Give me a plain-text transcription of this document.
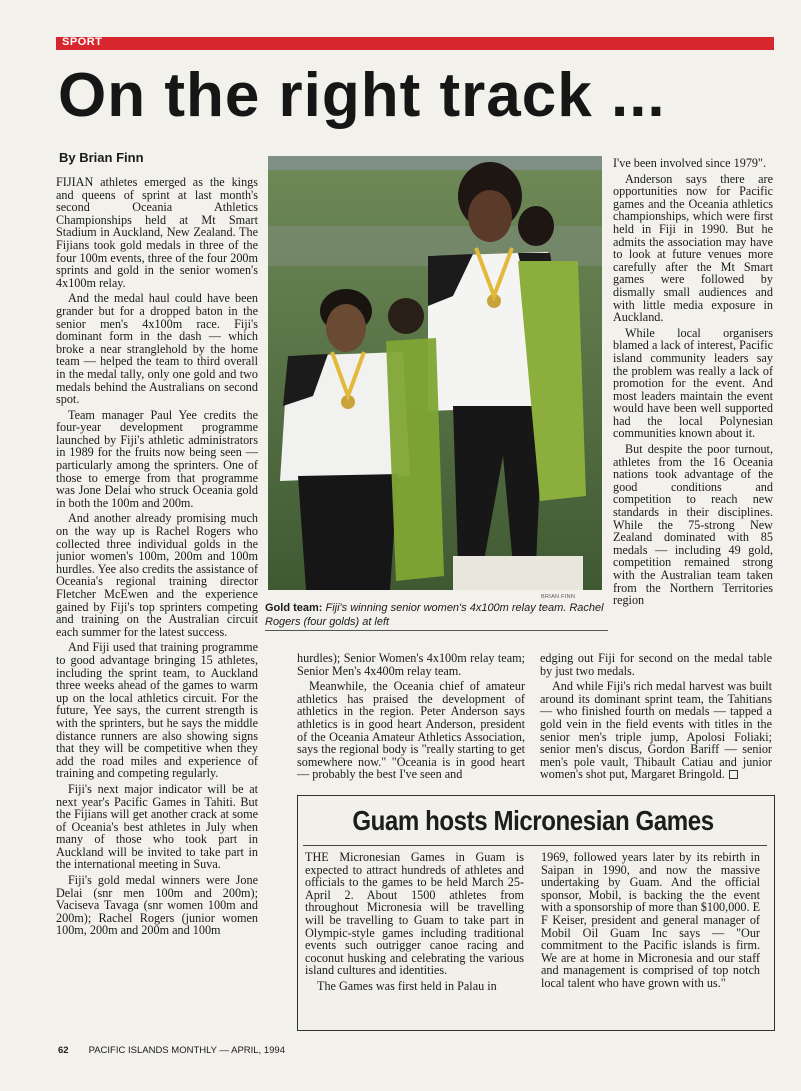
SPORT
On the right track ...
By Brian Finn

FIJIAN athletes emerged as the kings and queens of sprint at last month's second Oceania Athletics Championships held at Mt Smart Stadium in Auckland, New Zealand. The Fijians took gold medals in three of the four 100m events, three of the four 200m sprints and gold in the senior women's 4x100m relay.

And the medal haul could have been grander but for a dropped baton in the senior men's 4x100m race. Fiji's dominant form in the dash — which broke a near stranglehold by the home team — helped the team to third overall in the medal tally, only one gold and two medals behind the Australians on second spot.

Team manager Paul Yee credits the four-year development programme launched by Fiji's athletic administrators in 1989 for the fruits now being seen — particularly among the sprinters. One of those to emerge from that programme was Jone Delai who struck Oceania gold in both the 100m and 200m.

And another already promising much on the way up is Rachel Rogers who collected three individual golds in the junior women's 100m, 200m and 100m hurdles. Yee also credits the assistance of Oceania's regional training director Fletcher McEwen and the experience gained by Fiji's top sprinters competing and training on the Australian circuit each summer for the latest success.

And Fiji used that training programme to good advantage bringing 15 athletes, including the sprint team, to Auckland three weeks ahead of the games to warm up on the local athletics circuit. For the future, Yee says, the current strength is with the sprinters, but he says the middle distance runners are also showing signs that they will be competitive when they add the road miles and experience of training and competing regularly.

Fiji's next major indicator will be at next year's Pacific Games in Tahiti. But the Fijians will get another crack at some of Oceania's best athletes in July when many of those who took part in Auckland will be invited to take part in the international meeting in Suva.

Fiji's gold medal winners were Jone Delai (snr men 100m and 200m); Vaciseva Tavaga (snr women 100m and 200m); Rachel Rogers (junior women 100m, 200m and 200m and 100m

BRIAN FINN
Gold team: Fiji's winning senior women's 4x100m relay team. Rachel Rogers (four golds) at left

I've been involved since 1979".

Anderson says there are opportunities now for Pacific games and the Oceania athletics championships, which were first held in Fiji in 1990. But he admits the association may have to look at future venues more carefully after the Mt Smart games were followed by dismally small audiences and with little media exposure in Auckland.

While local organisers blamed a lack of interest, Pacific island community leaders say the problem was really a lack of promotion for the event. And most leaders maintain the event would have been well supported had the local Polynesian communities known about it.

But despite the poor turnout, athletes from the 16 Oceania nations took advantage of the good conditions and competition to reach new standards in their disciplines. While the 75-strong New Zealand dominated with 85 medals — including 49 gold, competition remained strong with the Australian team taken from the Northern Territories region

hurdles); Senior Women's 4x100m relay team; Senior Men's 4x400m relay team.

Meanwhile, the Oceania chief of amateur athletics has praised the development of athletics in the region. Peter Anderson says athletics is in good heart Anderson, president of the Oceania Amateur Athletics Association, says the regional body is "really starting to get somewhere now." "Oceania is in good heart — probably the best I've seen and

edging out Fiji for second on the medal table by just two medals.

And while Fiji's rich medal harvest was built around its dominant sprint team, the Tahitians — who finished fourth on medals — tapped a gold vein in the field events with titles in the senior men's triple jump, Apolosi Foliaki; senior men's discus, Gordon Bariff — senior men's pole vault, Thibault Catiau and junior women's shot put, Margaret Bringold.

Guam hosts Micronesian Games

THE Micronesian Games in Guam is expected to attract hundreds of athletes and officials to the games to be held March 25-April 2. About 1500 athletes from throughout Micronesia will be travelling will be travelling to Guam to take part in Olympic-style games including traditional events such outrigger canoe racing and coconut husking and celebrating the various island cultures and identities.

The Games was first held in Palau in

1969, followed years later by its rebirth in Saipan in 1990, and now the massive undertaking by Guam. And the official sponsor, Mobil, is backing the the event with a sponsorship of more than $100,000. E F Keiser, president and general manager of Mobil Oil Guam Inc says — "Our commitment to the Pacific islands is firm. We are at home in Micronesia and our staff and management is comprised of top notch local talent who have grown with us."

62 PACIFIC ISLANDS MONTHLY — APRIL, 1994
